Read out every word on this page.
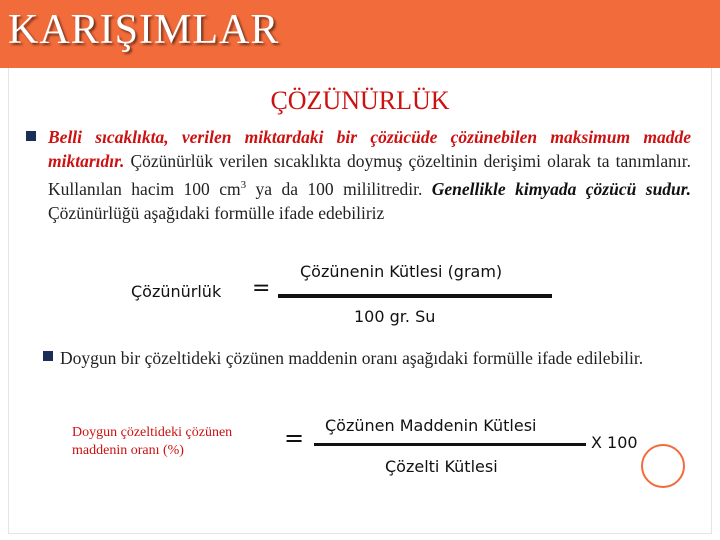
KARIŞIMLAR
ÇÖZÜNÜRLÜK
Belli sıcaklıkta, verilen miktardaki bir çözücüde çözünebilen maksimum madde miktarıdır. Çözünürlük verilen sıcaklıkta doymuş çözeltinin derişimi olarak ta tanımlanır. Kullanılan hacim 100 $cm^3$ ya da 100 mililitredir. Genellikle kimyada çözücü sudur. Çözünürlüğü aşağıdaki formülle ifade edebiliriz
Çözünürlük =
Çözünenin Kütlesi (gram)
100 gr. Su
Doygun bir çözeltideki çözünen maddenin oranı aşağıdaki formülle ifade edilebilir.
Doygun çözeltideki çözünen maddenin oranı (%)	= Çözünen Maddenin Kütlesi
Çözelti Kütlesi
X 100
